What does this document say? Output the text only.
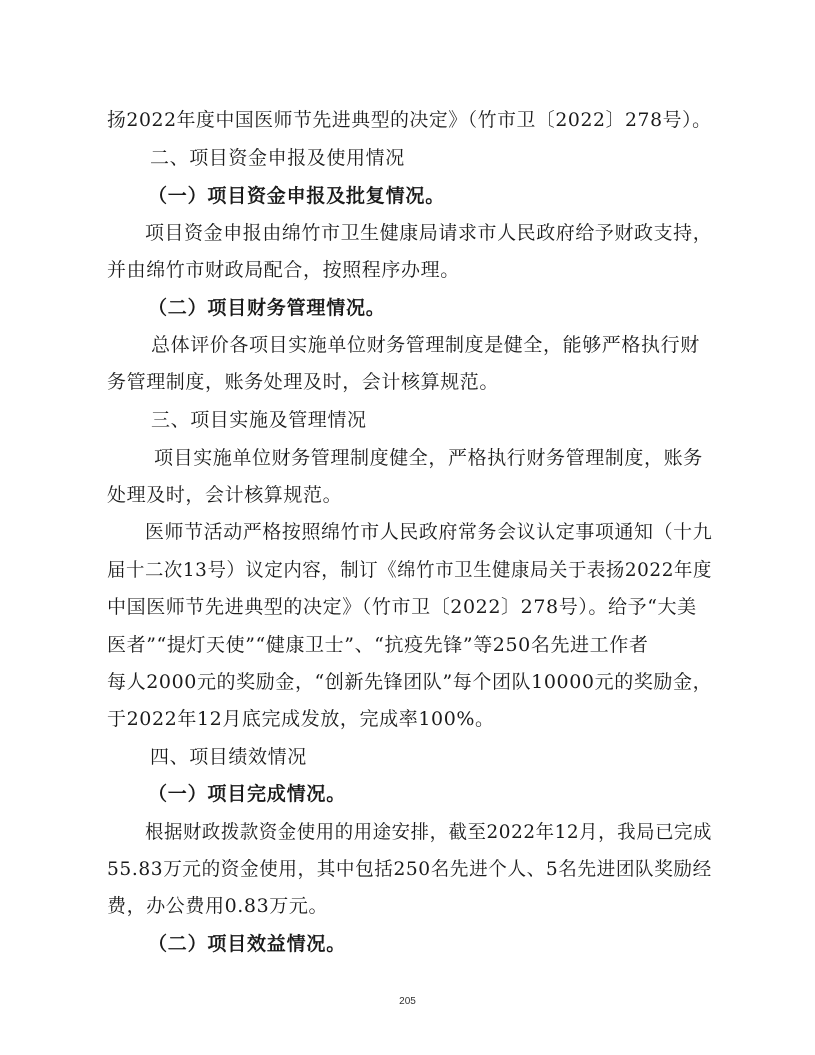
扬2022年度中国医师节先进典型的决定》（竹市卫〔2022〕278号）。
二、项目资金申报及使用情况
（一）项目资金申报及批复情况。
项目资金申报由绵竹市卫生健康局请求市人民政府给予财政支持，
并由绵竹市财政局配合，按照程序办理。
（二）项目财务管理情况。
总体评价各项目实施单位财务管理制度是健全，能够严格执行财
务管理制度，账务处理及时，会计核算规范。
三、项目实施及管理情况
项目实施单位财务管理制度健全，严格执行财务管理制度，账务
处理及时，会计核算规范。
医师节活动严格按照绵竹市人民政府常务会议认定事项通知（十九
届十二次13号）议定内容，制订《绵竹市卫生健康局关于表扬2022年度
中国医师节先进典型的决定》（竹市卫〔2022〕278号）。给予“大美
医者”“提灯天使”“健康卫士”、“抗疫先锋”等250名先进工作者
每人2000元的奖励金，“创新先锋团队”每个团队10000元的奖励金，
于2022年12月底完成发放，完成率100%。
四、项目绩效情况
（一）项目完成情况。
根据财政拨款资金使用的用途安排，截至2022年12月，我局已完成
55.83万元的资金使用，其中包括250名先进个人、5名先进团队奖励经
费，办公费用0.83万元。
（二）项目效益情况。
205
